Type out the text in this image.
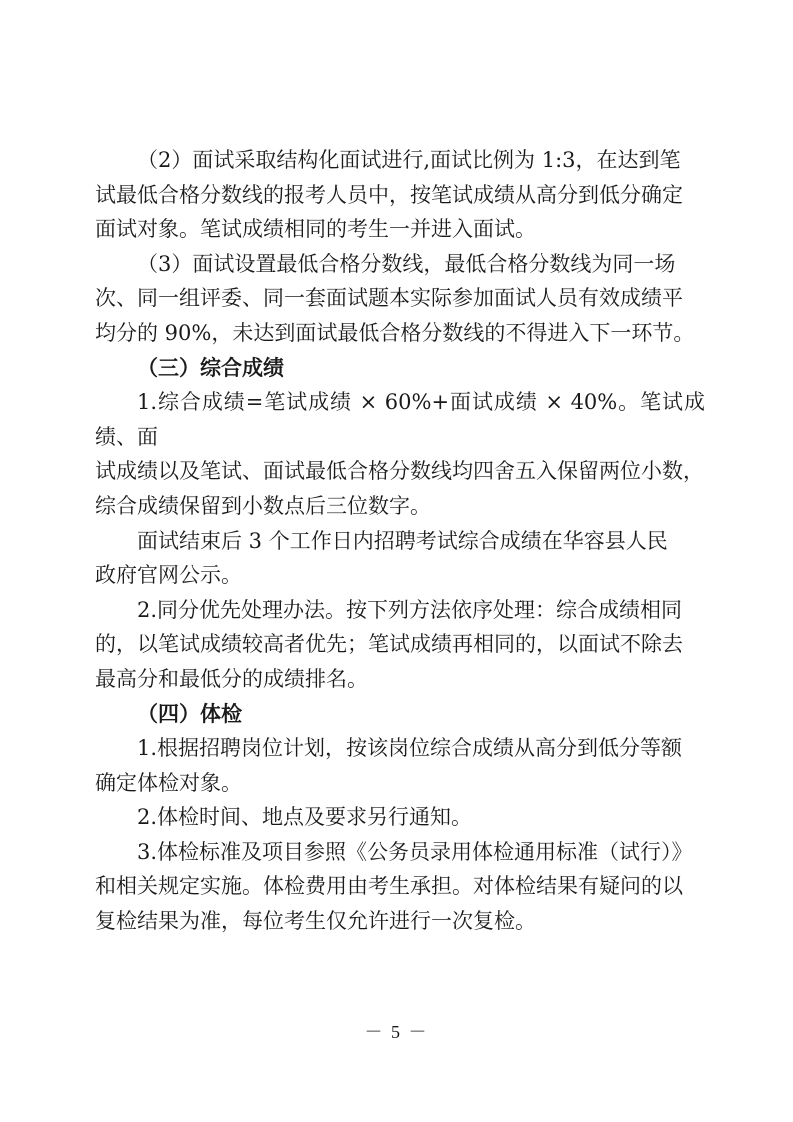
（2）面试采取结构化面试进行,面试比例为 1:3，在达到笔
试最低合格分数线的报考人员中，按笔试成绩从高分到低分确定
面试对象。笔试成绩相同的考生一并进入面试。

（3）面试设置最低合格分数线，最低合格分数线为同一场
次、同一组评委、同一套面试题本实际参加面试人员有效成绩平
均分的 90%，未达到面试最低合格分数线的不得进入下一环节。

（三）综合成绩

1.综合成绩=笔试成绩 × 60%+面试成绩 × 40%。笔试成绩、面
试成绩以及笔试、面试最低合格分数线均四舍五入保留两位小数，
综合成绩保留到小数点后三位数字。

面试结束后 3 个工作日内招聘考试综合成绩在华容县人民
政府官网公示。

2.同分优先处理办法。按下列方法依序处理：综合成绩相同
的，以笔试成绩较高者优先；笔试成绩再相同的，以面试不除去
最高分和最低分的成绩排名。

（四）体检

1.根据招聘岗位计划，按该岗位综合成绩从高分到低分等额
确定体检对象。

2.体检时间、地点及要求另行通知。

3.体检标准及项目参照《公务员录用体检通用标准（试行）》
和相关规定实施。体检费用由考生承担。对体检结果有疑问的以
复检结果为准，每位考生仅允许进行一次复检。

－ 5 －
